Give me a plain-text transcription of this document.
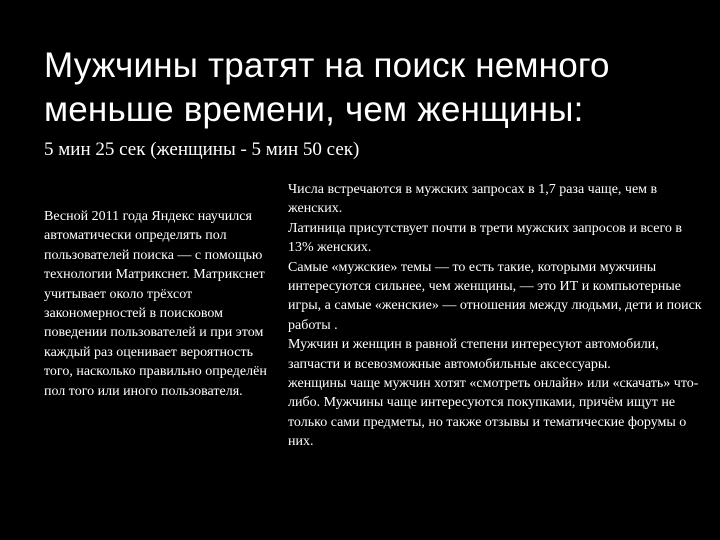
Мужчины тратят на поиск немного меньше времени, чем женщины:
5 мин 25 сек (женщины - 5 мин 50 сек)
Весной 2011 года Яндекс научился автоматически определять пол пользователей поиска — с помощью технологии Матрикснет. Матрикснет учитывает около трёхсот закономерностей в поисковом поведении пользователей и при этом каждый раз оценивает вероятность того, насколько правильно определён пол того или иного пользователя.

Числа встречаются в мужских запросах в 1,7 раза чаще, чем в женских.

Латиница присутствует почти в трети мужских запросов и всего в 13% женских.

Самые «мужские» темы — то есть такие, которыми мужчины интересуются сильнее, чем женщины, — это ИТ и компьютерные игры, а самые «женские» — отношения между людьми, дети и поиск работы .

Мужчин и женщин в равной степени интересуют автомобили, запчасти и всевозможные автомобильные аксессуары.

женщины чаще мужчин хотят «смотреть онлайн» или «скачать» что-либо. Мужчины чаще интересуются покупками, причём ищут не только сами предметы, но также отзывы и тематические форумы о них.
